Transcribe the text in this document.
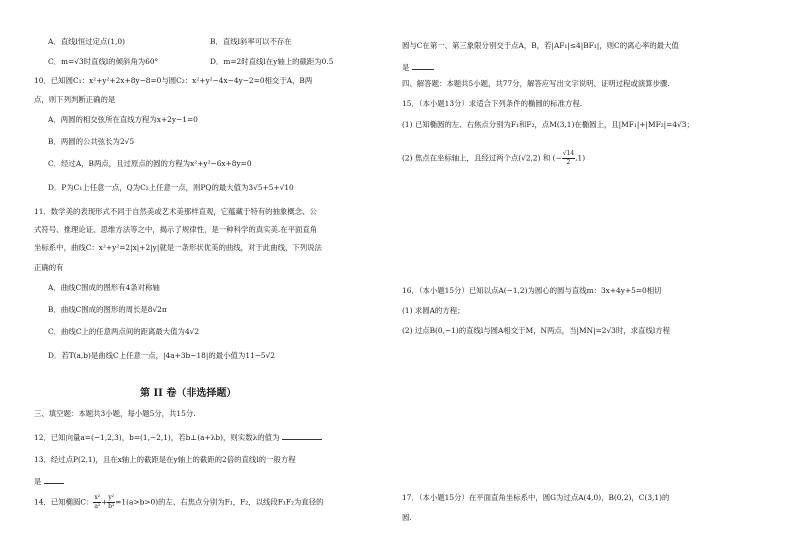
A．直线l恒过定点(1,0)	B．直线l斜率可以不存在
C．m=√3时直线l的倾斜角为60°	D．m=2时直线l在y轴上的截距为0.5
10．已知圆C₁：x²+y²+2x+8y−8=0与圆C₂：x²+y²−4x−4y−2=0相交于A，B两
点，则下列判断正确的是
A．两圆的相交弦所在直线方程为x+2y−1=0
B．两圆的公共弦长为2√5
C．经过A，B两点，且过原点的圆的方程为x²+y²−6x+8y=0
D．P为C₁上任意一点，Q为C₂上任意一点，则PQ的最大值为3√5+5+√10
11．数学美的表现形式不同于自然美或艺术美那样直观，它蕴藏于特有的抽象概念、公
式符号、推理论证、思维方法等之中，揭示了规律性，是一种科学的真实美.在平面直角
坐标系中，曲线C：x²+y²=2|x|+2|y|就是一条形状优美的曲线，对于此曲线，下列说法
正确的有
A．曲线C围成的图形有4条对称轴
B．曲线C围成的图形的周长是8√2π
C．曲线C上的任意两点间的距离最大值为4√2
D．若T(a,b)是曲线C上任意一点，|4a+3b−18|的最小值为11−5√2
第 II 卷（非选择题）
三、填空题：本题共3小题，每小题5分，共15分.
12．已知向量a=(−1,2,3)，b=(1,−2,1)，若b⊥(a+λb)，则实数λ的值为
13．经过点P(2,1)，且在x轴上的截距是在y轴上的截距的2倍的直线l的一般方程
是
14．已知椭圆C： $\frac{\text{x²}}{\text{a²}} + \frac{\text{y²}}{\text{b²}} =1(a>b>0)$的左、右焦点分别为F₁，F₂，以线段F₁F₂为直径的
圆与C在第一、第三象限分别交于点A，B，若|AF₁|≤4|BF₁|，则C的离心率的最大值
是
四、解答题：本题共5小题，共77分，解答应写出文字说明、证明过程或演算步骤.
15．（本小题13分）求适合下列条件的椭圆的标准方程.
(1) 已知椭圆的左、右焦点分别为F₁和F₂，点M(3,1)在椭圆上，且|MF₁|+|MF₂|=4√3；
(2) 焦点在坐标轴上，且经过两个点(√2,2) 和 (− $\frac{√14}{2} ,1$)
16．（本小题15分）已知以点A(−1,2)为圆心的圆与直线m：3x+4y+5=0相切
(1) 求圆A的方程；
(2) 过点B(0,−1)的直线l与圆A相交于M，N两点，当|MN|=2√3时，求直线l方程
17．（本小题15分）在平面直角坐标系中，圆G为过点A(4,0)，B(0,2)，C(3,1)的
圆.
